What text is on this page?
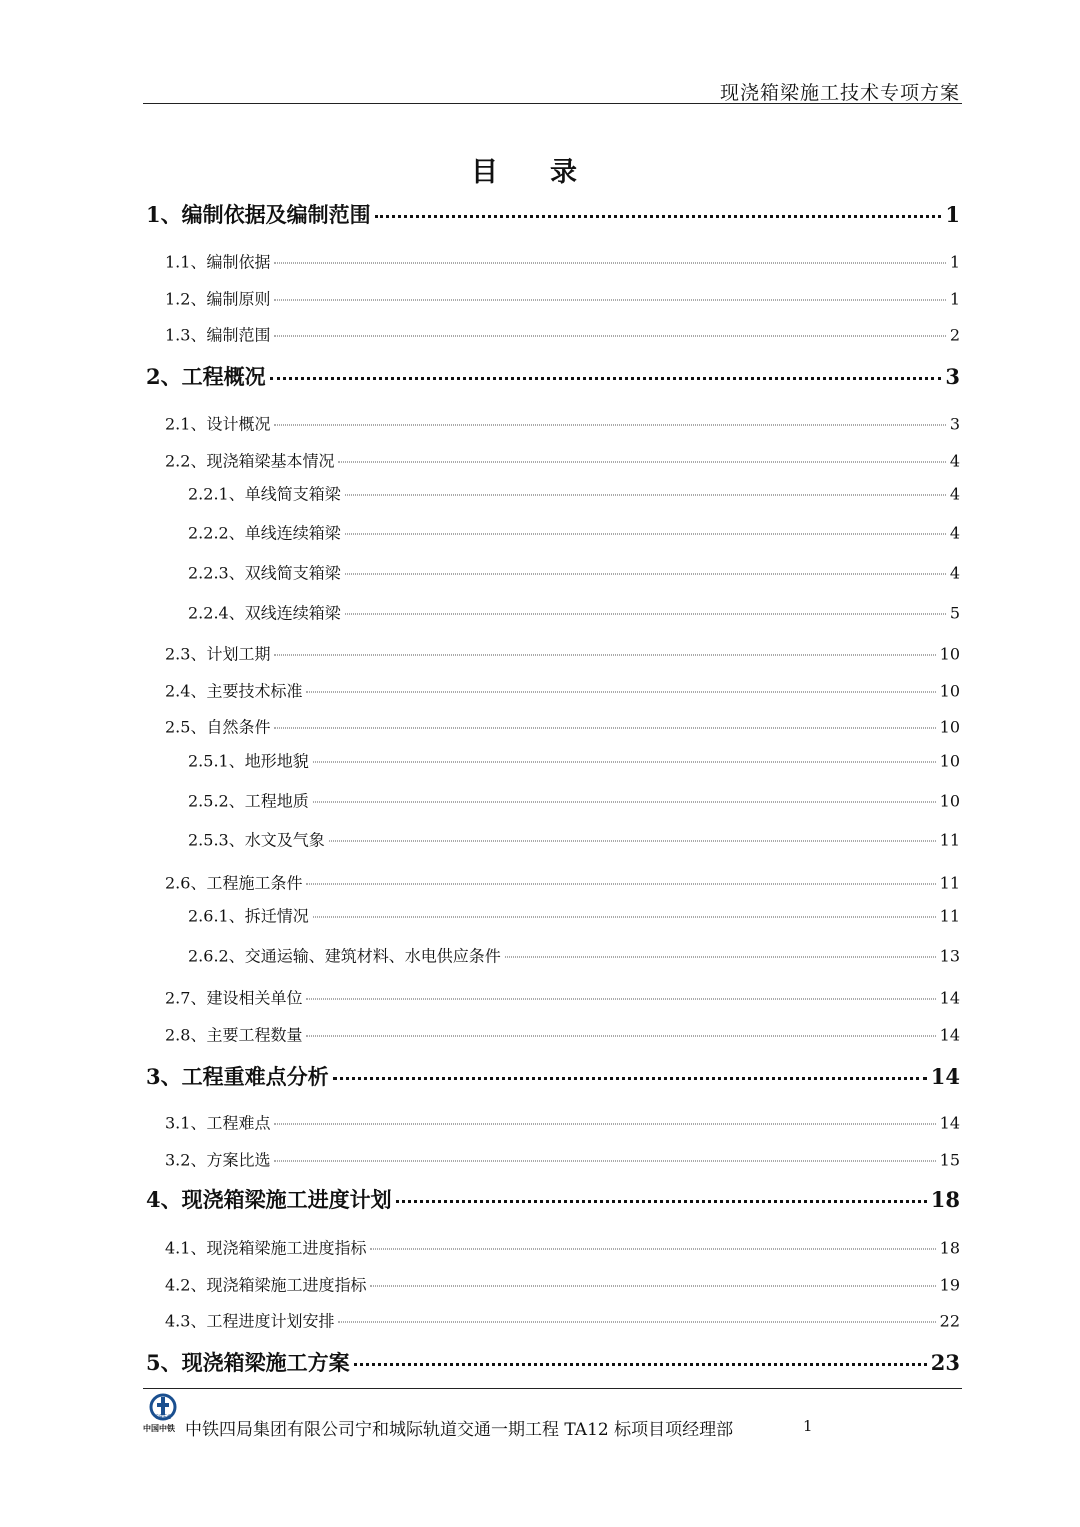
现浇箱梁施工技术专项方案
目录
1、编制依据及编制范围	1
1.1、编制依据	1
1.2、编制原则	1
1.3、编制范围	2
2、工程概况	3
2.1、设计概况	3
2.2、现浇箱梁基本情况	4
2.2.1、单线简支箱梁	4
2.2.2、单线连续箱梁	4
2.2.3、双线简支箱梁	4
2.2.4、双线连续箱梁	5
2.3、计划工期	10
2.4、主要技术标准	10
2.5、自然条件	10
2.5.1、地形地貌	10
2.5.2、工程地质	10
2.5.3、水文及气象	11
2.6、工程施工条件	11
2.6.1、拆迁情况	11
2.6.2、交通运输、建筑材料、水电供应条件	13
2.7、建设相关单位	14
2.8、主要工程数量	14
3、工程重难点分析	14
3.1、工程难点	14
3.2、方案比选	15
4、现浇箱梁施工进度计划	18
4.1、现浇箱梁施工进度指标	18
4.2、现浇箱梁施工进度指标	19
4.3、工程进度计划安排	22
5、现浇箱梁施工方案	23
CREC
中国中铁 中铁四局集团有限公司宁和城际轨道交通一期工程 TA12 标项目项经理部	1
